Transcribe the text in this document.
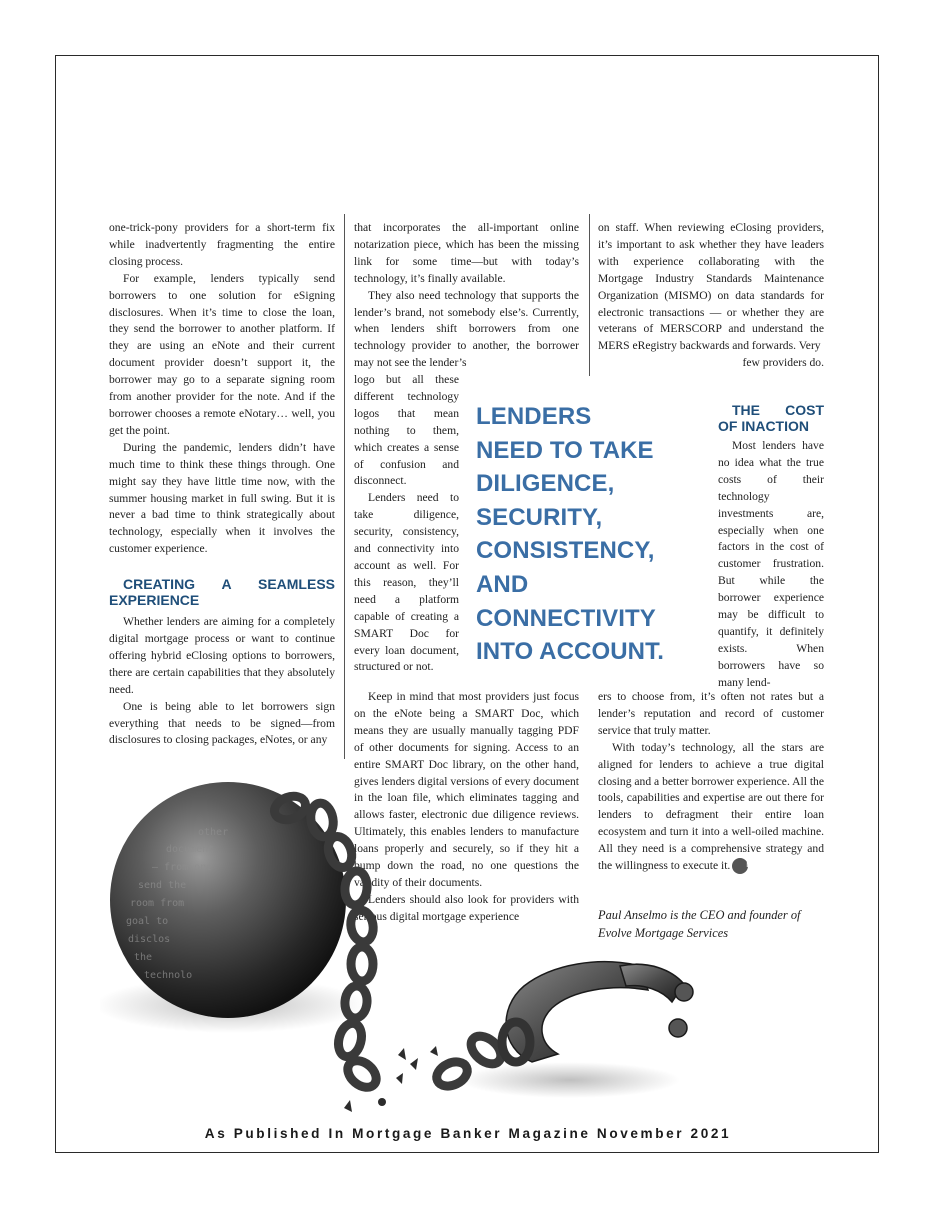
one-trick-pony providers for a short-term fix while inadvertently fragmenting the entire closing process.

For example, lenders typically send borrowers to one solution for eSigning disclosures. When it’s time to close the loan, they send the borrower to another platform. If they are using an eNote and their current document provider doesn’t support it, the borrower may go to a separate signing room from another provider for the note. And if the borrower chooses a remote eNotary… well, you get the point.

During the pandemic, lenders didn’t have much time to think these things through. One might say they have little time now, with the summer housing market in full swing. But it is never a bad time to think strategically about technology, especially when it involves the customer experience.

CREATING A SEAMLESS EXPERIENCE

Whether lenders are aiming for a completely digital mortgage process or want to continue offering hybrid eClosing options to borrowers, there are certain capabilities that they absolutely need.

One is being able to let borrowers sign everything that needs to be signed—from disclosures to closing packages, eNotes, or any

that incorporates the all-important online notarization piece, which has been the missing link for some time—but with today’s technology, it’s finally available.

They also need technology that supports the lender’s brand, not somebody else’s. Currently, when lenders shift borrowers from one technology provider to another, the borrower may not see the lender’s

logo but all these different technology logos that mean nothing to them, which creates a sense of confusion and disconnect.

Lenders need to take diligence, security, consistency, and connectivity into account as well. For this reason, they’ll need a platform capable of creating a SMART Doc for every loan document, structured or not.

Keep in mind that most providers just focus on the eNote being a SMART Doc, which means they are usually manually tagging PDF of other documents for signing. Access to an entire SMART Doc library, on the other hand, gives lenders digital versions of every document in the loan file, which eliminates tagging and allows faster, electronic due diligence reviews. Ultimately, this enables lenders to manufacture loans properly and securely, so if they hit a bump down the road, no one questions the validity of their documents.

Lenders should also look for providers with serious digital mortgage experience

LENDERS
NEED TO TAKE
DILIGENCE,
SECURITY,
CONSISTENCY,
AND
CONNECTIVITY
INTO ACCOUNT.

on staff. When reviewing eClosing providers, it’s important to ask whether they have leaders with experience collaborating with the Mortgage Industry Standards Maintenance Organization (MISMO) on data standards for electronic transactions — or whether they are veterans of MERSCORP and understand the MERS eRegistry backwards and forwards. Very

few providers do.

THE COST OF INACTION

Most lenders have no idea what the true costs of their technology investments are, especially when one factors in the cost of customer frustration. But while the borrower experience may be difficult to quantify, it definitely exists. When borrowers have so many lend-

ers to choose from, it’s often not rates but a lender’s reputation and record of customer service that truly matter.

With today’s technology, all the stars are aligned for lenders to achieve a true digital closing and a better borrower experience. All the tools, capabilities and expertise are out there for lenders to defragment their entire loan ecosystem and turn it into a well-oiled machine. All they need is a comprehensive strategy and the willingness to execute it. MB

Paul Anselmo is the CEO and founder of Evolve Mortgage Services
other
document
— from one
send the
room from
goal to
disclos
the
technolo
As Published In Mortgage Banker Magazine November 2021
